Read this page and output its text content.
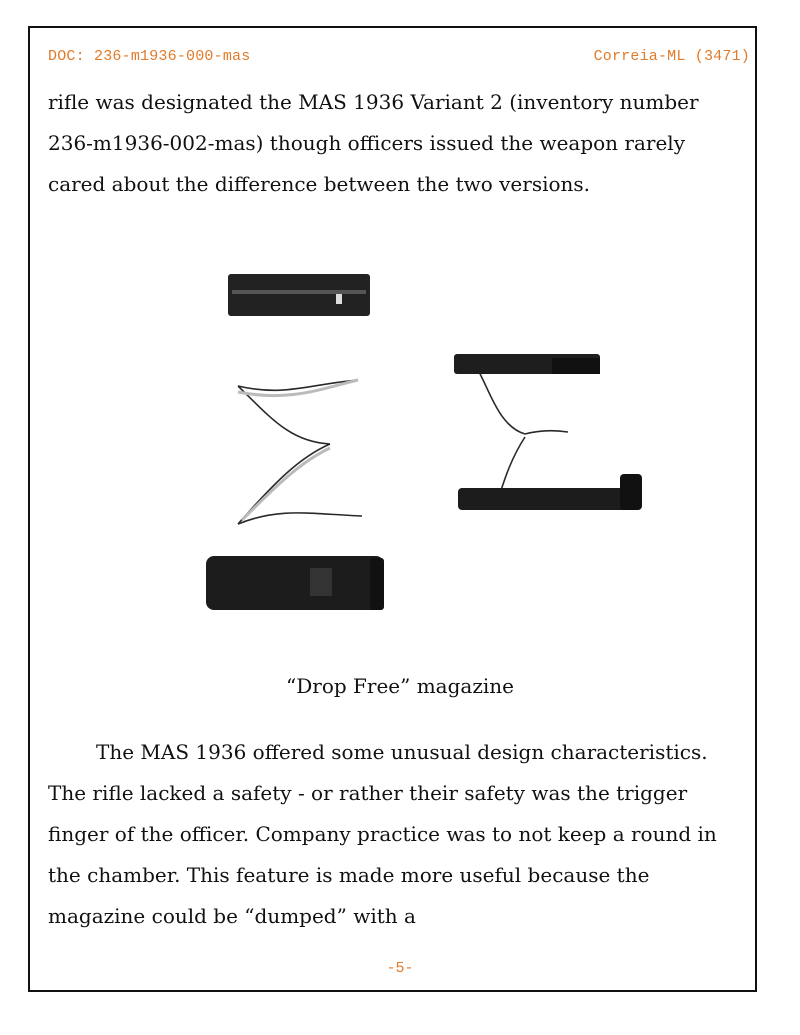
DOC: 236-m1936-000-mas	Correia-ML (3471)
rifle was designated the MAS 1936 Variant 2 (inventory number 236-m1936-002-mas) though officers issued the weapon rarely cared about the difference between the two versions.
“Drop Free” magazine
The MAS 1936 offered some unusual design characteristics. The rifle lacked a safety - or rather their safety was the trigger finger of the officer. Company practice was to not keep a round in the chamber. This feature is made more useful because the magazine could be “dumped” with a
-5-
